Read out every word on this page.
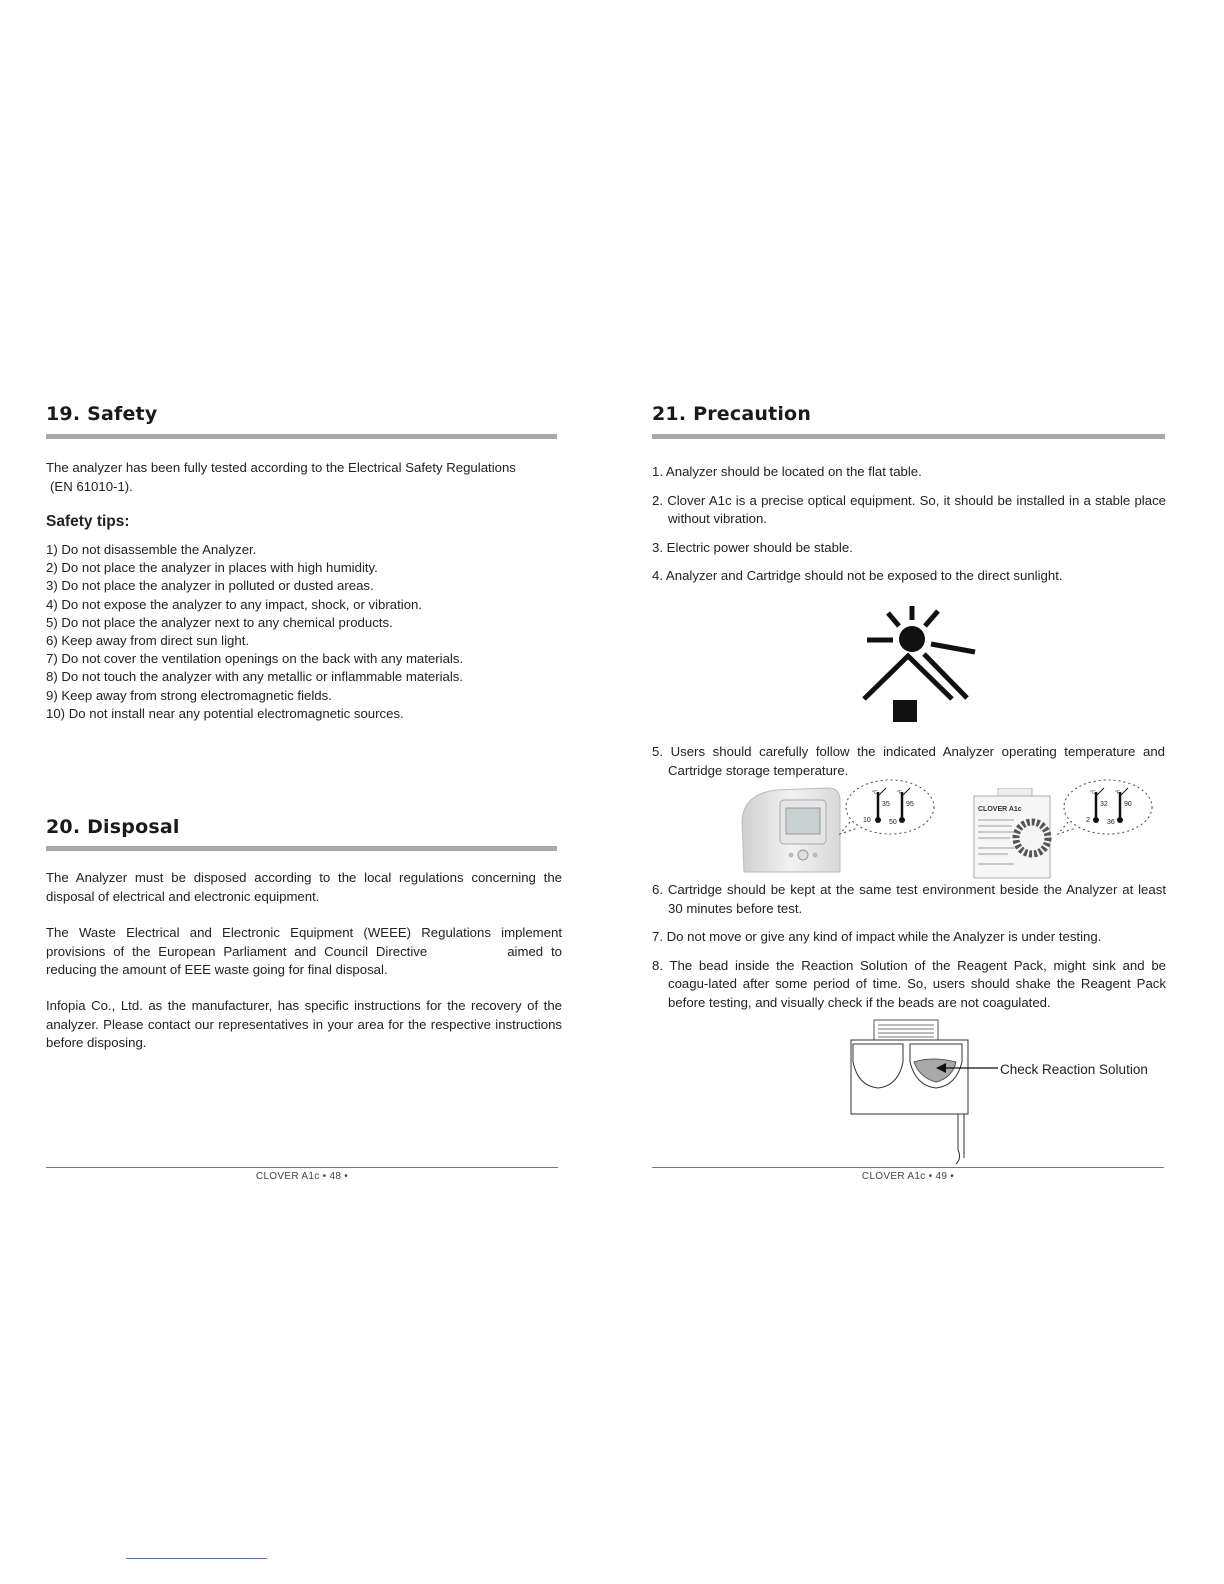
19. Safety

The analyzer has been fully tested according to the Electrical Safety Regulations
(EN 61010-1).

Safety tips:
1) Do not disassemble the Analyzer.
2) Do not place the analyzer in places with high humidity.
3) Do not place the analyzer in polluted or dusted areas.
4) Do not expose the analyzer to any impact, shock, or vibration.
5) Do not place the analyzer next to any chemical products.
6) Keep away from direct sun light.
7) Do not cover the ventilation openings on the back with any materials.
8) Do not touch the analyzer with any metallic or inflammable materials.
9) Keep away from strong electromagnetic fields.
10) Do not install near any potential electromagnetic sources.
20. Disposal

The Analyzer must be disposed according to the local regulations concerning the disposal of electrical and electronic equipment.

The Waste Electrical and Electronic Equipment (WEEE) Regulations implement provisions of the European Parliament and Council Directive	aimed to reducing the amount of EEE waste going for final disposal.

Infopia Co., Ltd. as the manufacturer, has specific instructions for the recovery of the analyzer. Please contact our representatives in your area for the respective instructions before disposing.

CLOVER A1c • 48 •
21. Precaution
1. Analyzer should be located on the flat table.
2. Clover A1c is a precise optical equipment. So, it should be installed in a stable place without vibration.
3. Electric power should be stable.
4. Analyzer and Cartridge should not be exposed to the direct sunlight.

5. Users should carefully follow the indicated Analyzer operating temperature and Cartridge storage temperature.

°C	°F
35 95
10	50
CLOVER A1c
°C	°F
32 90
2 36
6. Cartridge should be kept at the same test environment beside the Analyzer at least 30 minutes before test.
7. Do not move or give any kind of impact while the Analyzer is under testing.
8. The bead inside the Reaction Solution of the Reagent Pack, might sink and be coagu-lated after some period of time. So, users should shake the Reagent Pack before testing, and visually check if the beads are not coagulated.
Check Reaction Solution
CLOVER A1c • 49 •
